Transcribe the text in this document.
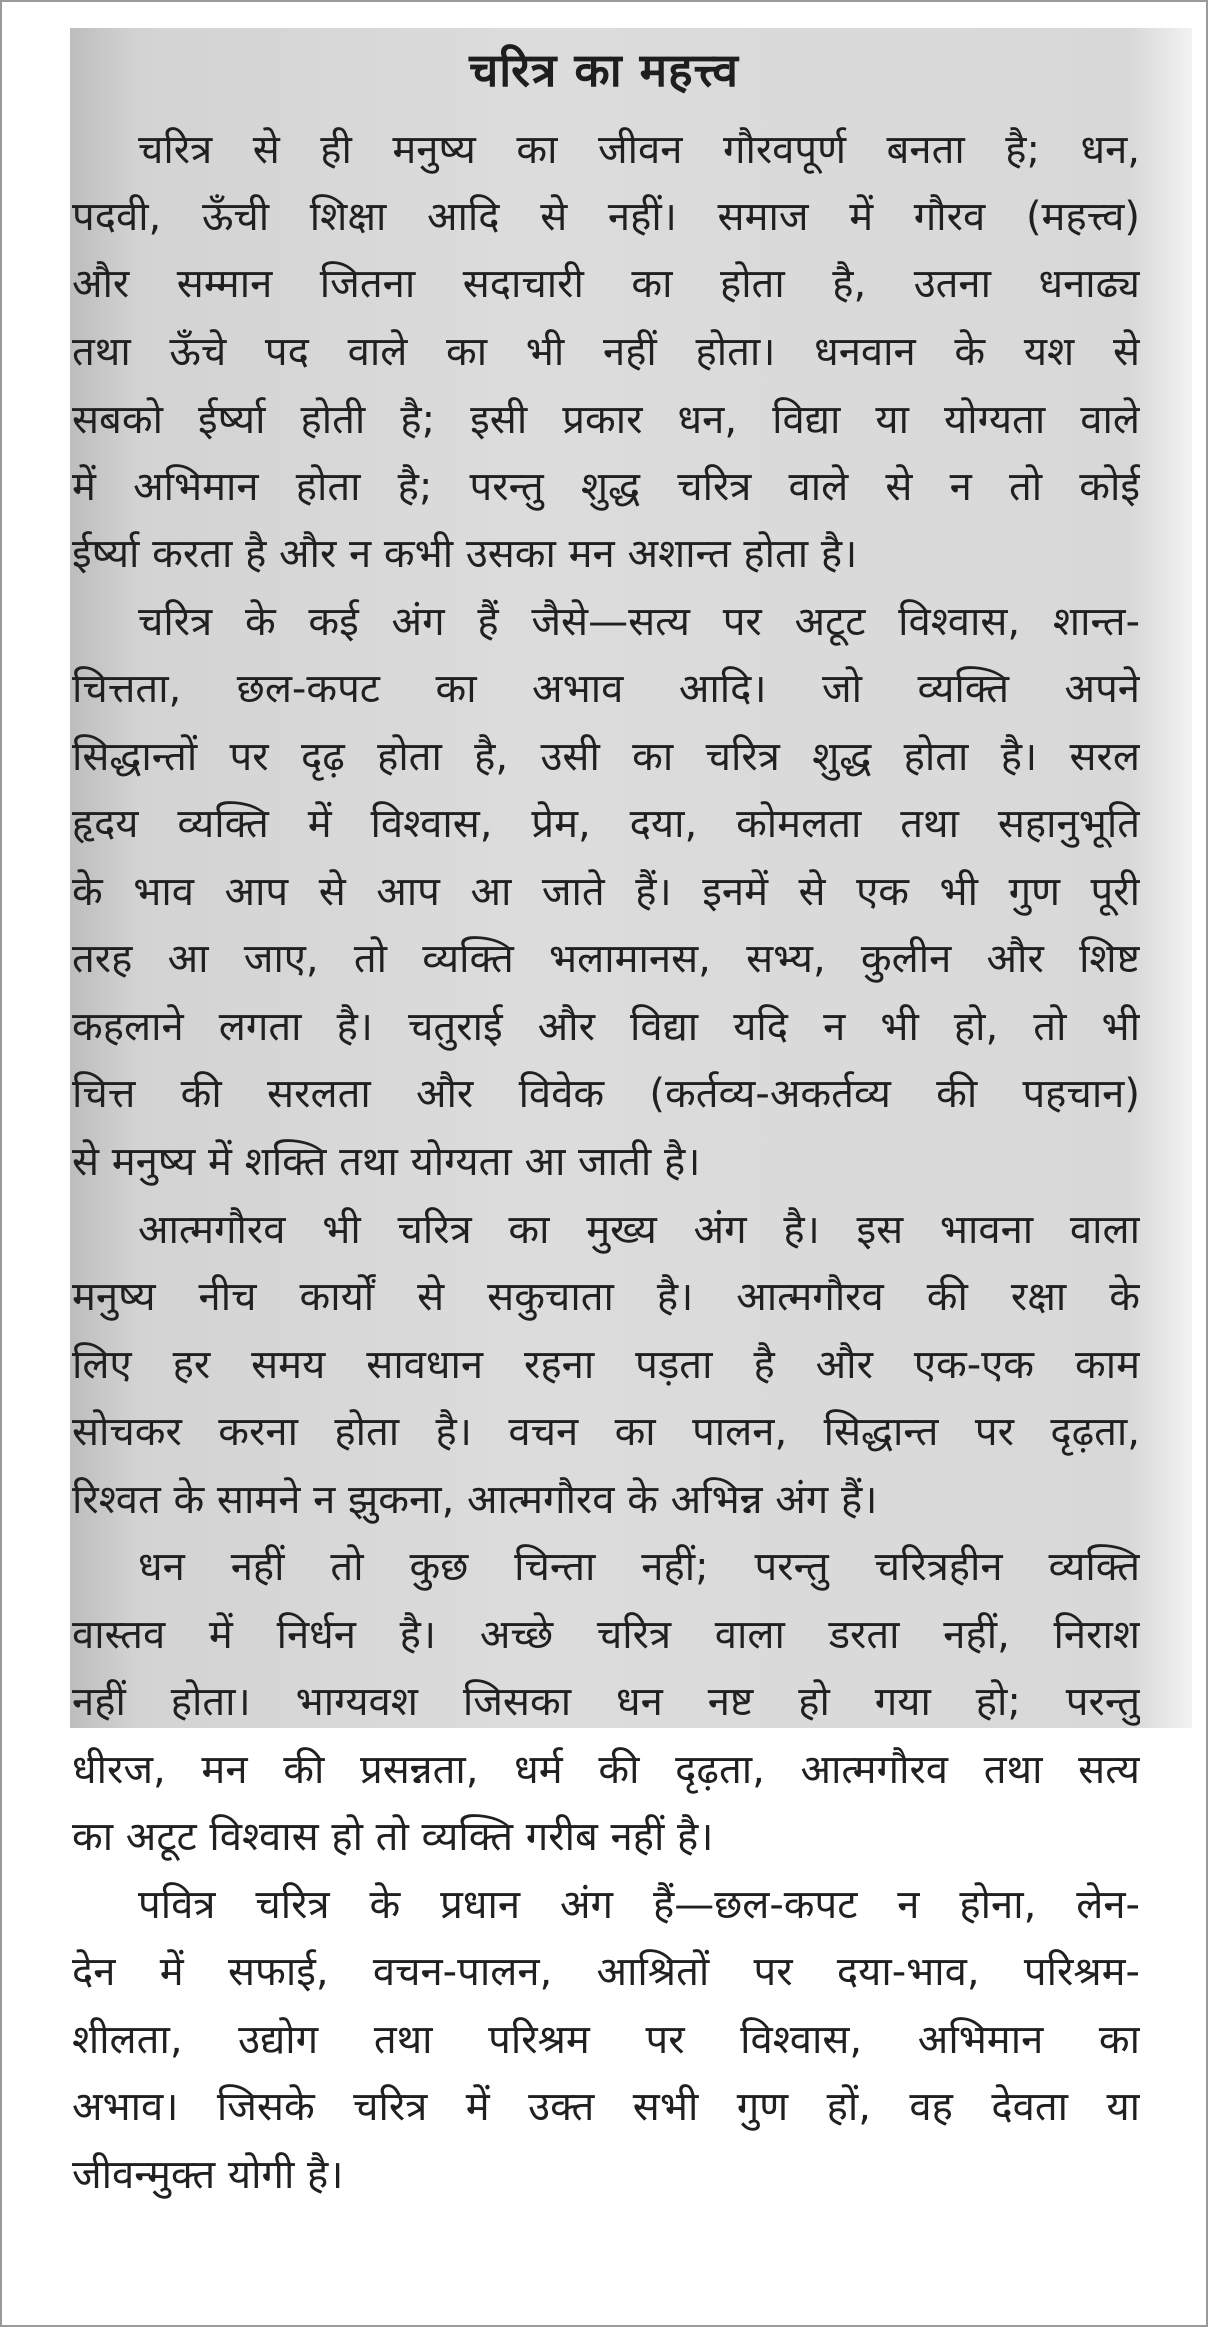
चरित्र का महत्त्व
चरित्र से ही मनुष्य का जीवन गौरवपूर्ण बनता है; धन,
पदवी, ऊँची शिक्षा आदि से नहीं। समाज में गौरव (महत्त्व)
और सम्मान जितना सदाचारी का होता है, उतना धनाढ्य
तथा ऊँचे पद वाले का भी नहीं होता। धनवान के यश से
सबको ईर्ष्या होती है; इसी प्रकार धन, विद्या या योग्यता वाले
में अभिमान होता है; परन्तु शुद्ध चरित्र वाले से न तो कोई
ईर्ष्या करता है और न कभी उसका मन अशान्त होता है।
चरित्र के कई अंग हैं जैसे—सत्य पर अटूट विश्वास, शान्त-
चित्तता, छल-कपट का अभाव आदि। जो व्यक्ति अपने
सिद्धान्तों पर दृढ़ होता है, उसी का चरित्र शुद्ध होता है। सरल
हृदय व्यक्ति में विश्वास, प्रेम, दया, कोमलता तथा सहानुभूति
के भाव आप से आप आ जाते हैं। इनमें से एक भी गुण पूरी
तरह आ जाए, तो व्यक्ति भलामानस, सभ्य, कुलीन और शिष्ट
कहलाने लगता है। चतुराई और विद्या यदि न भी हो, तो भी
चित्त की सरलता और विवेक (कर्तव्य-अकर्तव्य की पहचान)
से मनुष्य में शक्ति तथा योग्यता आ जाती है।
आत्मगौरव भी चरित्र का मुख्य अंग है। इस भावना वाला
मनुष्य नीच कार्यों से सकुचाता है। आत्मगौरव की रक्षा के
लिए हर समय सावधान रहना पड़ता है और एक-एक काम
सोचकर करना होता है। वचन का पालन, सिद्धान्त पर दृढ़ता,
रिश्वत के सामने न झुकना, आत्मगौरव के अभिन्न अंग हैं।
धन नहीं तो कुछ चिन्ता नहीं; परन्तु चरित्रहीन व्यक्ति
वास्तव में निर्धन है। अच्छे चरित्र वाला डरता नहीं, निराश
नहीं होता। भाग्यवश जिसका धन नष्ट हो गया हो; परन्तु
धीरज, मन की प्रसन्नता, धर्म की दृढ़ता, आत्मगौरव तथा सत्य
का अटूट विश्वास हो तो व्यक्ति गरीब नहीं है।
पवित्र चरित्र के प्रधान अंग हैं—छल-कपट न होना, लेन-
देन में सफाई, वचन-पालन, आश्रितों पर दया-भाव, परिश्रम-
शीलता, उद्योग तथा परिश्रम पर विश्वास, अभिमान का
अभाव। जिसके चरित्र में उक्त सभी गुण हों, वह देवता या
जीवन्मुक्त योगी है।
